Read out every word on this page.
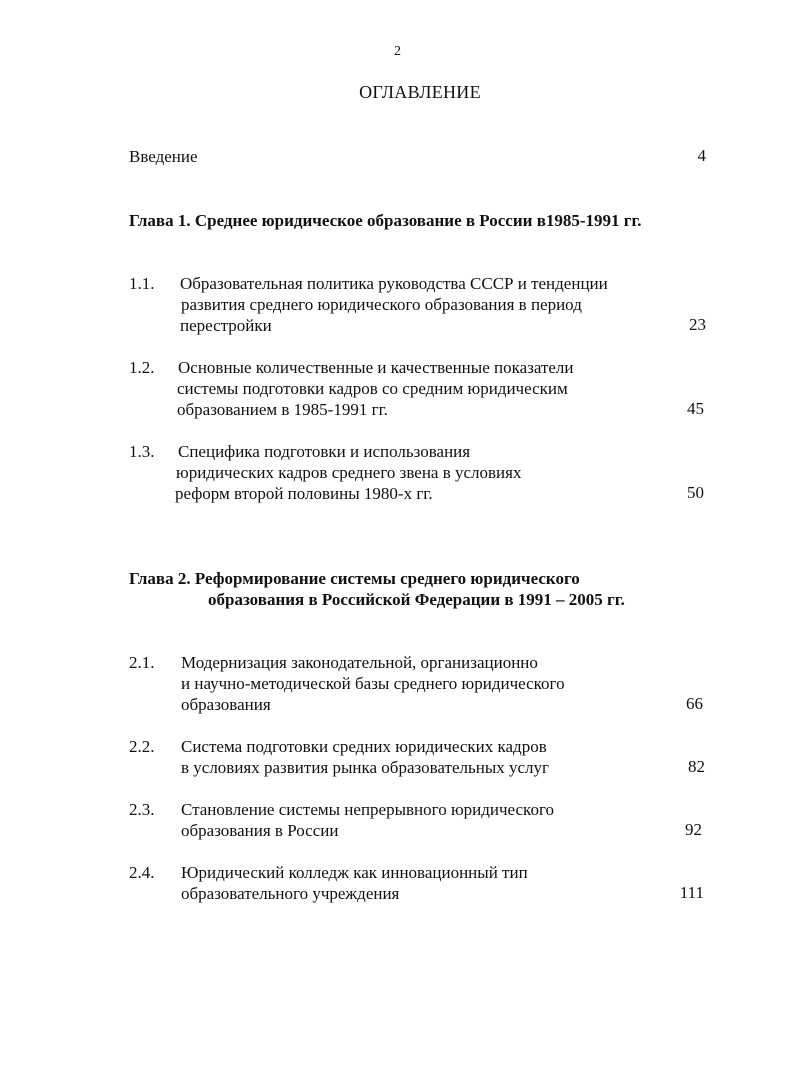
2
ОГЛАВЛЕНИЕ
Введение	4
Глава 1. Среднее юридическое образование в России в1985-1991 гг.
1.1. Образовательная политика руководства СССР и тенденции
развития среднего юридического образования в период
перестройки	23
1.2. Основные количественные и качественные показатели
системы подготовки кадров со средним юридическим
образованием в 1985-1991 гг.	45
1.3. Специфика подготовки и использования
юридических кадров среднего звена в условиях
реформ второй половины 1980-х гг.	50
Глава 2. Реформирование системы среднего юридического
образования в Российской Федерации в 1991 – 2005 гг.
2.1. Модернизация законодательной, организационно
и научно-методической базы среднего юридического
образования	66
2.2. Система подготовки средних юридических кадров
в условиях развития рынка образовательных услуг	82
2.3. Становление системы непрерывного юридического
образования в России	92
2.4. Юридический колледж как инновационный тип
образовательного учреждения	111
